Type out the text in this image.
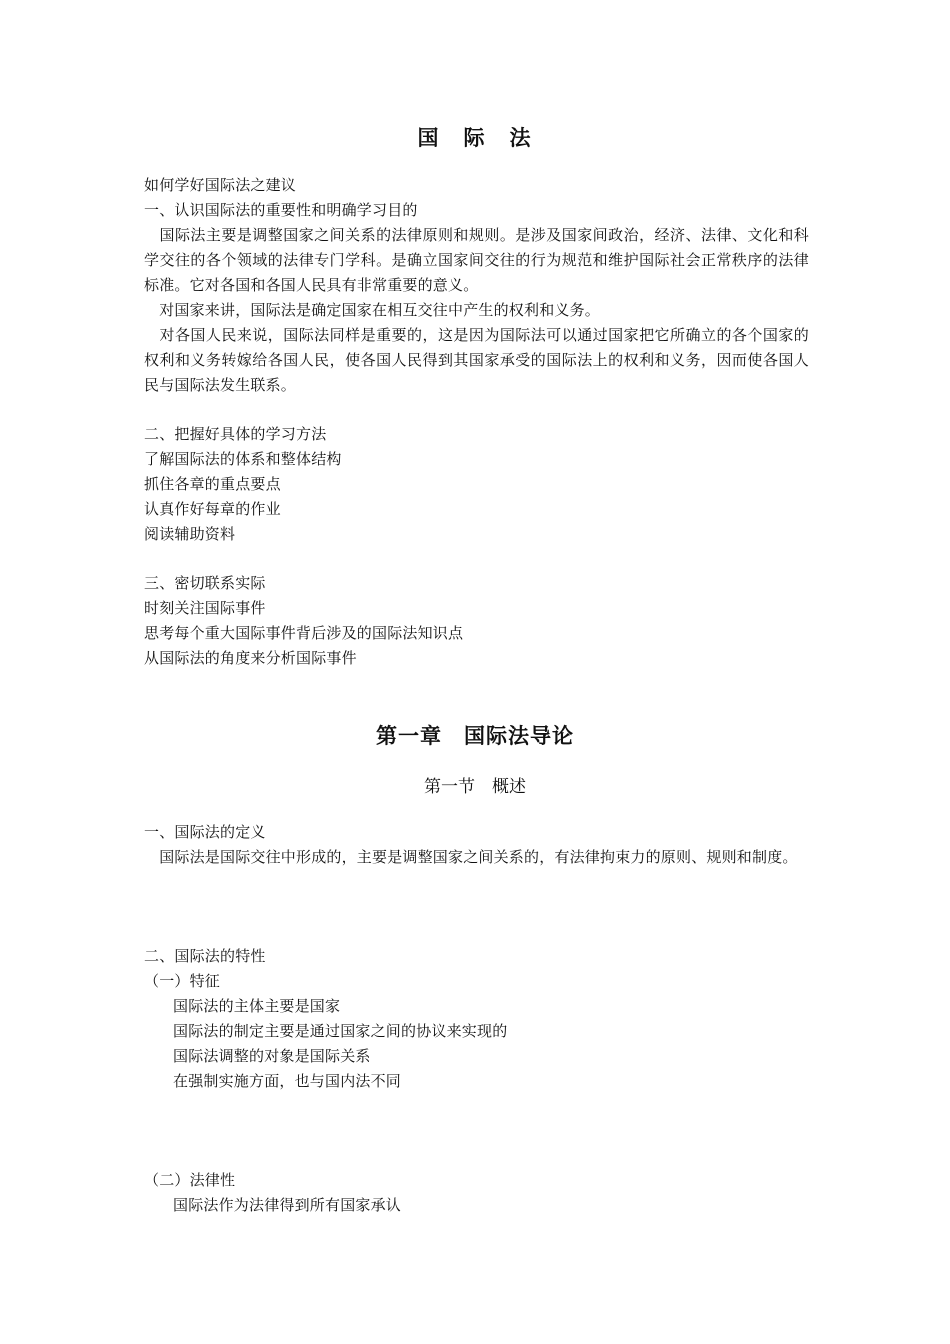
国　际　法
如何学好国际法之建议
一、认识国际法的重要性和明确学习目的
　国际法主要是调整国家之间关系的法律原则和规则。是涉及国家间政治，经济、法律、文化和科学交往的各个领域的法律专门学科。是确立国家间交往的行为规范和维护国际社会正常秩序的法律标准。它对各国和各国人民具有非常重要的意义。
　对国家来讲，国际法是确定国家在相互交往中产生的权利和义务。
　对各国人民来说，国际法同样是重要的，这是因为国际法可以通过国家把它所确立的各个国家的权利和义务转嫁给各国人民，使各国人民得到其国家承受的国际法上的权利和义务，因而使各国人民与国际法发生联系。
二、把握好具体的学习方法
了解国际法的体系和整体结构
抓住各章的重点要点
认真作好每章的作业
阅读辅助资料
三、密切联系实际
时刻关注国际事件
思考每个重大国际事件背后涉及的国际法知识点
从国际法的角度来分析国际事件
第一章　国际法导论
第一节　概述
一、国际法的定义
　国际法是国际交往中形成的，主要是调整国家之间关系的，有法律拘束力的原则、规则和制度。
二、国际法的特性
（一）特征
国际法的主体主要是国家
国际法的制定主要是通过国家之间的协议来实现的
国际法调整的对象是国际关系
在强制实施方面，也与国内法不同
（二）法律性
国际法作为法律得到所有国家承认
